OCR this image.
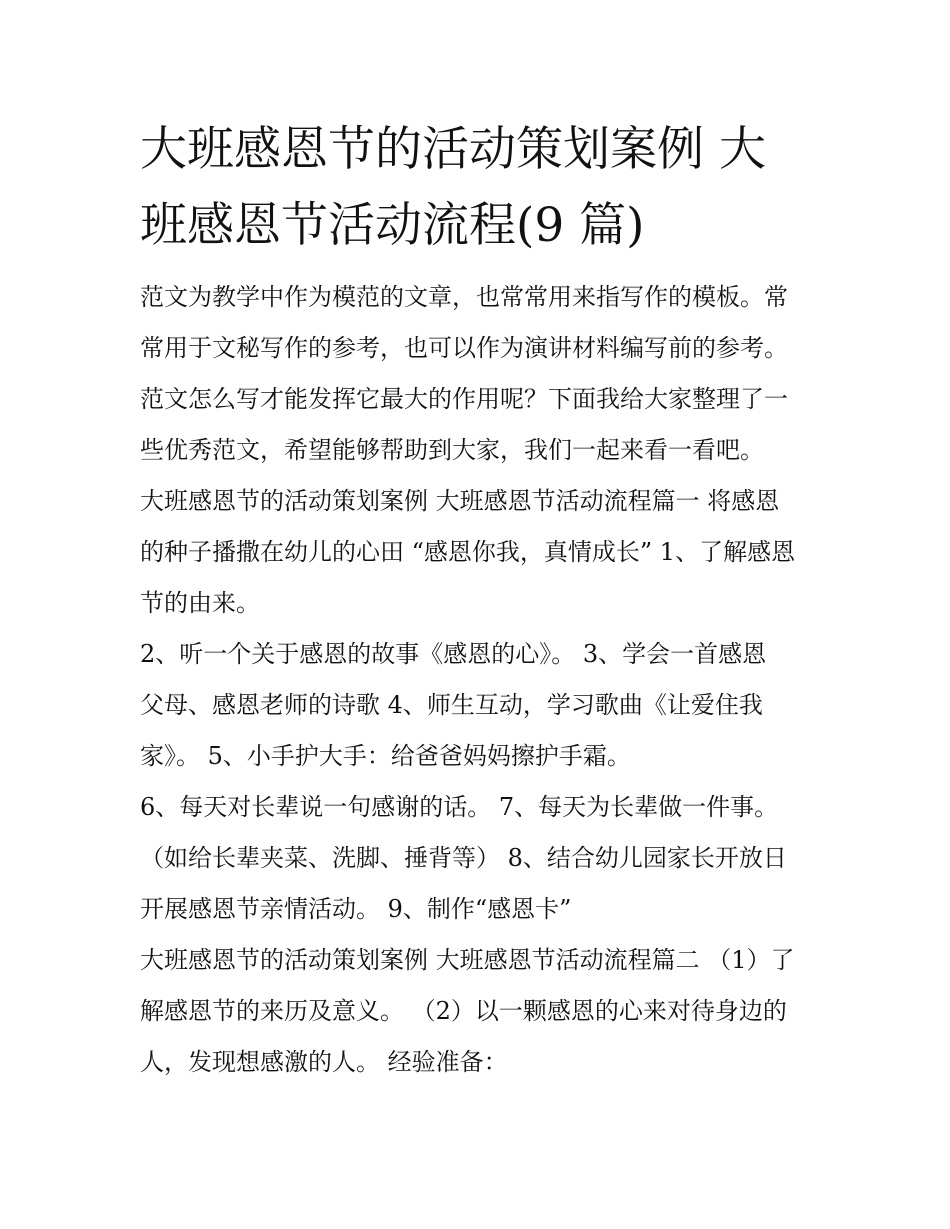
大班感恩节的活动策划案例 大
班感恩节活动流程(9 篇)

范文为教学中作为模范的文章，也常常用来指写作的模板。常
常用于文秘写作的参考，也可以作为演讲材料编写前的参考。
范文怎么写才能发挥它最大的作用呢？下面我给大家整理了一
些优秀范文，希望能够帮助到大家，我们一起来看一看吧。

大班感恩节的活动策划案例 大班感恩节活动流程篇一 将感恩
的种子播撒在幼儿的心田 “感恩你我，真情成长” 1、了解感恩
节的由来。

2、听一个关于感恩的故事《感恩的心》。 3、学会一首感恩
父母、感恩老师的诗歌 4、师生互动，学习歌曲《让爱住我
家》。 5、小手护大手：给爸爸妈妈擦护手霜。

6、每天对长辈说一句感谢的话。 7、每天为长辈做一件事。
（如给长辈夹菜、洗脚、捶背等） 8、结合幼儿园家长开放日
开展感恩节亲情活动。 9、制作“感恩卡”

大班感恩节的活动策划案例 大班感恩节活动流程篇二 （1）了
解感恩节的来历及意义。 （2）以一颗感恩的心来对待身边的
人，发现想感激的人。 经验准备：
